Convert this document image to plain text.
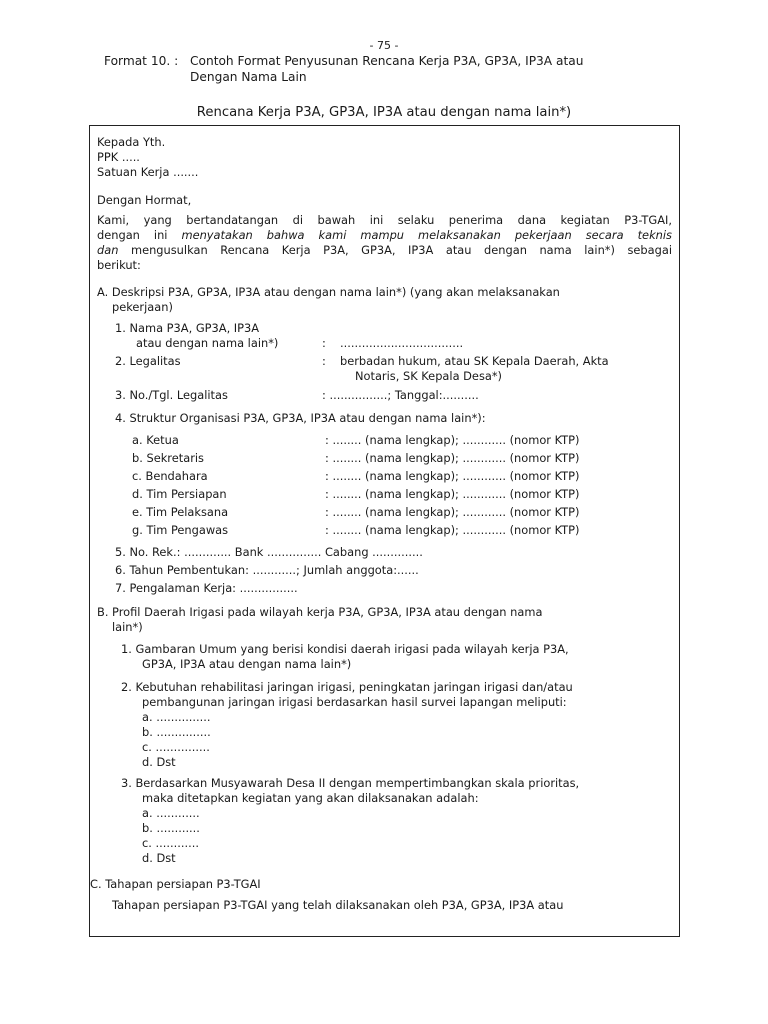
- 75 -
Format 10. : Contoh Format Penyusunan Rencana Kerja P3A, GP3A, IP3A atau
Dengan Nama Lain
Rencana Kerja P3A, GP3A, IP3A atau dengan nama lain*)
Kepada Yth.
PPK .....
Satuan Kerja .......
Dengan Hormat,
Kami, yang bertandatangan di bawah ini selaku penerima dana kegiatan P3-TGAI,
dengan ini menyatakan bahwa kami mampu melaksanakan pekerjaan secara teknis
dan mengusulkan Rencana Kerja P3A, GP3A, IP3A atau dengan nama lain*) sebagai
berikut:
A. Deskripsi P3A, GP3A, IP3A atau dengan nama lain*) (yang akan melaksanakan
pekerjaan)
1. Nama P3A, GP3A, IP3A
atau dengan nama lain*)	: ..................................
2. Legalitas	: berbadan hukum, atau SK Kepala Daerah, Akta
Notaris, SK Kepala Desa*)
3. No./Tgl. Legalitas	: ................; Tanggal:..........
4. Struktur Organisasi P3A, GP3A, IP3A atau dengan nama lain*):
a. Ketua	: ........ (nama lengkap); ............ (nomor KTP)
b. Sekretaris	: ........ (nama lengkap); ............ (nomor KTP)
c. Bendahara	: ........ (nama lengkap); ............ (nomor KTP)
d. Tim Persiapan	: ........ (nama lengkap); ............ (nomor KTP)
e. Tim Pelaksana	: ........ (nama lengkap); ............ (nomor KTP)
g. Tim Pengawas	: ........ (nama lengkap); ............ (nomor KTP)
5. No. Rek.: ............. Bank ............... Cabang ..............
6. Tahun Pembentukan: ............; Jumlah anggota:......
7. Pengalaman Kerja: ................
B. Profil Daerah Irigasi pada wilayah kerja P3A, GP3A, IP3A atau dengan nama
lain*)
1. Gambaran Umum yang berisi kondisi daerah irigasi pada wilayah kerja P3A,
GP3A, IP3A atau dengan nama lain*)
2. Kebutuhan rehabilitasi jaringan irigasi, peningkatan jaringan irigasi dan/atau
pembangunan jaringan irigasi berdasarkan hasil survei lapangan meliputi:
a. ...............
b. ...............
c. ...............
d. Dst
3. Berdasarkan Musyawarah Desa II dengan mempertimbangkan skala prioritas,
maka ditetapkan kegiatan yang akan dilaksanakan adalah:
a. ............
b. ............
c. ............
d. Dst
C. Tahapan persiapan P3-TGAI
Tahapan persiapan P3-TGAI yang telah dilaksanakan oleh P3A, GP3A, IP3A atau
